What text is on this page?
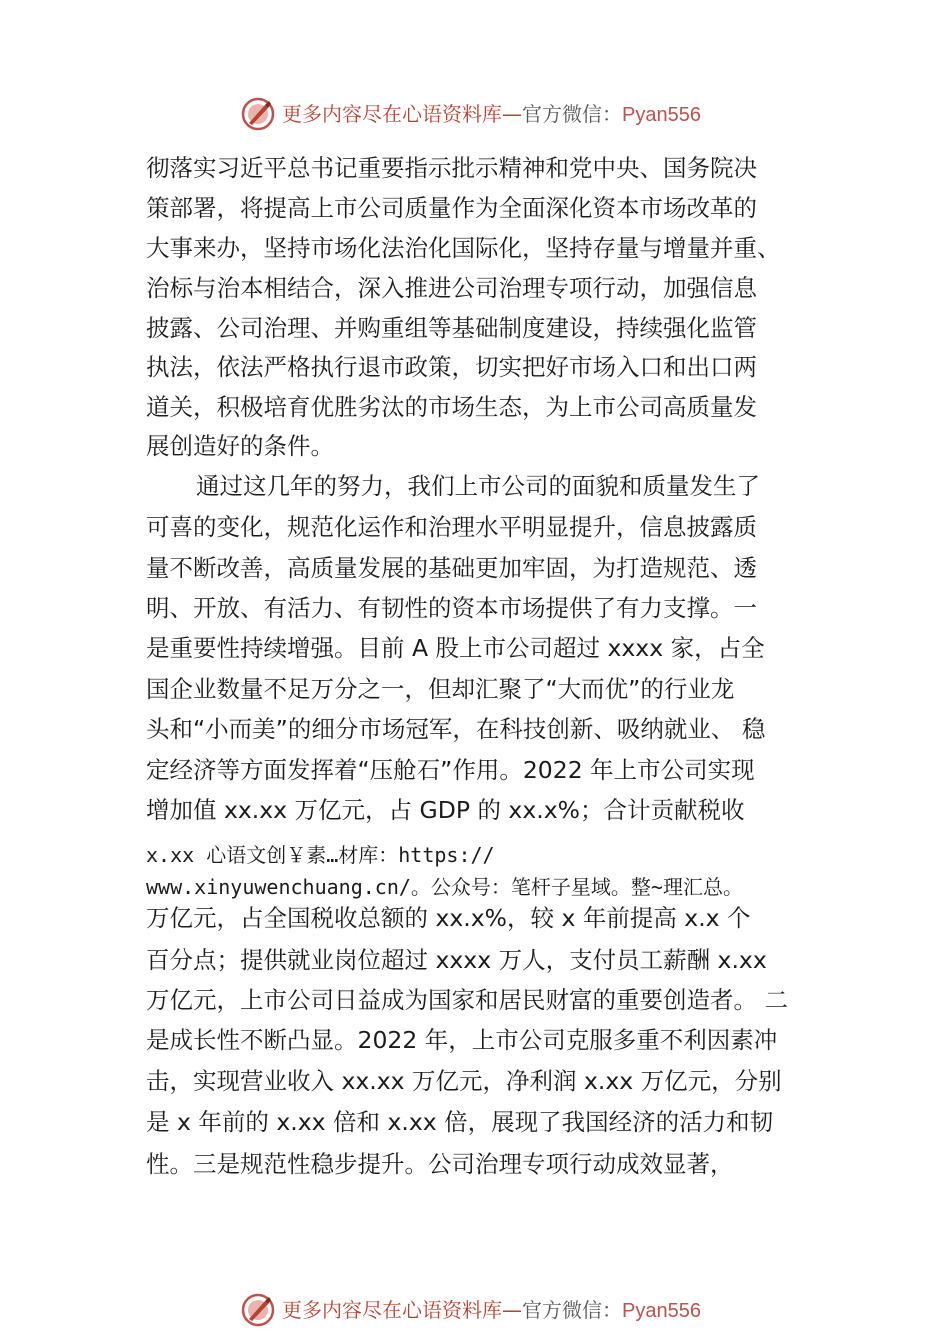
更多内容尽在心语资料库—官方微信：Pyan556
彻落实习近平总书记重要指示批示精神和党中央、国务院决
策部署，将提高上市公司质量作为全面深化资本市场改革的
大事来办，坚持市场化法治化国际化，坚持存量与增量并重、
治标与治本相结合，深入推进公司治理专项行动，加强信息
披露、公司治理、并购重组等基础制度建设，持续强化监管
执法，依法严格执行退市政策，切实把好市场入口和出口两
道关，积极培育优胜劣汰的市场生态，为上市公司高质量发
展创造好的条件。
通过这几年的努力，我们上市公司的面貌和质量发生了
可喜的变化，规范化运作和治理水平明显提升，信息披露质
量不断改善，高质量发展的基础更加牢固，为打造规范、透
明、开放、有活力、有韧性的资本市场提供了有力支撑。一
是重要性持续增强。目前 A 股上市公司超过 xxxx 家，占全
国企业数量不足万分之一，但却汇聚了“大而优”的行业龙
头和“小而美”的细分市场冠军，在科技创新、吸纳就业、 稳
定经济等方面发挥着“压舱石”作用。2022 年上市公司实现
增加值 xx.xx 万亿元，占 GDP 的 xx.x%；合计贡献税收
x.xx 心语文创￥素…材库：https://
www.xinyuwenchuang.cn/。公众号：笔杆子星域。整~理汇总。
万亿元，占全国税收总额的 xx.x%，较 x 年前提高 x.x 个
百分点；提供就业岗位超过 xxxx 万人，支付员工薪酬 x.xx
万亿元，上市公司日益成为国家和居民财富的重要创造者。 二
是成长性不断凸显。2022 年，上市公司克服多重不利因素冲
击，实现营业收入 xx.xx 万亿元，净利润 x.xx 万亿元，分别
是 x 年前的 x.xx 倍和 x.xx 倍，展现了我国经济的活力和韧
性。三是规范性稳步提升。公司治理专项行动成效显著，
更多内容尽在心语资料库—官方微信：Pyan556
